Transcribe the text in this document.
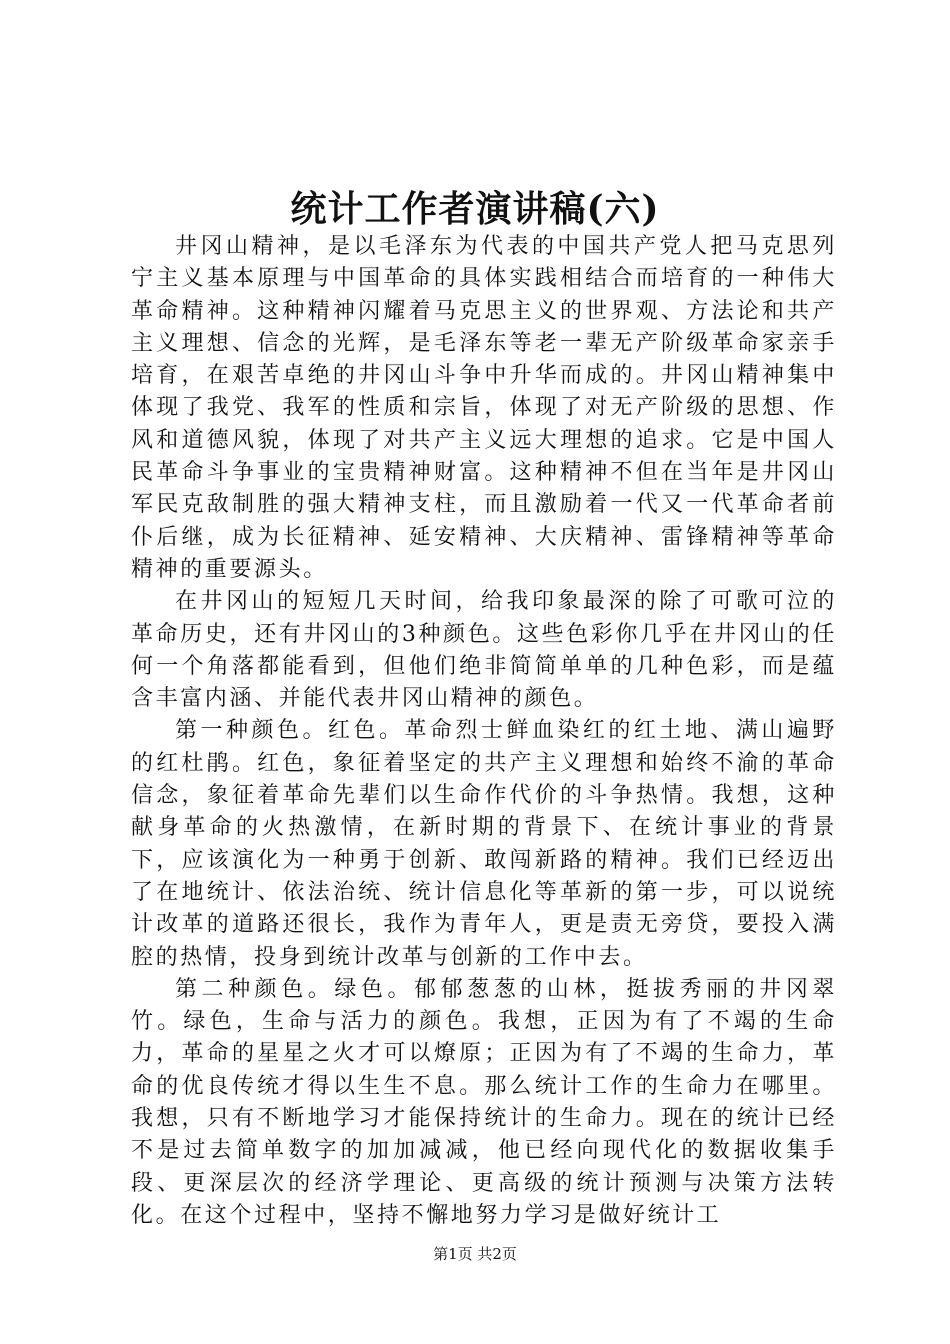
统计工作者演讲稿(六)

井冈山精神，是以毛泽东为代表的中国共产党人把马克思列宁主义基本原理与中国革命的具体实践相结合而培育的一种伟大革命精神。这种精神闪耀着马克思主义的世界观、方法论和共产主义理想、信念的光辉，是毛泽东等老一辈无产阶级革命家亲手培育，在艰苦卓绝的井冈山斗争中升华而成的。井冈山精神集中体现了我党、我军的性质和宗旨，体现了对无产阶级的思想、作风和道德风貌，体现了对共产主义远大理想的追求。它是中国人民革命斗争事业的宝贵精神财富。这种精神不但在当年是井冈山军民克敌制胜的强大精神支柱，而且激励着一代又一代革命者前仆后继，成为长征精神、延安精神、大庆精神、雷锋精神等革命精神的重要源头。

在井冈山的短短几天时间，给我印象最深的除了可歌可泣的革命历史，还有井冈山的3种颜色。这些色彩你几乎在井冈山的任何一个角落都能看到，但他们绝非简简单单的几种色彩，而是蕴含丰富内涵、并能代表井冈山精神的颜色。

第一种颜色。红色。革命烈士鲜血染红的红土地、满山遍野的红杜鹃。红色，象征着坚定的共产主义理想和始终不渝的革命信念，象征着革命先辈们以生命作代价的斗争热情。我想，这种献身革命的火热激情，在新时期的背景下、在统计事业的背景下，应该演化为一种勇于创新、敢闯新路的精神。我们已经迈出了在地统计、依法治统、统计信息化等革新的第一步，可以说统计改革的道路还很长，我作为青年人，更是责无旁贷，要投入满腔的热情，投身到统计改革与创新的工作中去。

第二种颜色。绿色。郁郁葱葱的山林，挺拔秀丽的井冈翠竹。绿色，生命与活力的颜色。我想，正因为有了不竭的生命力，革命的星星之火才可以燎原；正因为有了不竭的生命力，革命的优良传统才得以生生不息。那么统计工作的生命力在哪里。我想，只有不断地学习才能保持统计的生命力。现在的统计已经不是过去简单数字的加加减减，他已经向现代化的数据收集手段、更深层次的经济学理论、更高级的统计预测与决策方法转化。在这个过程中，坚持不懈地努力学习是做好统计工

第1页 共2页
